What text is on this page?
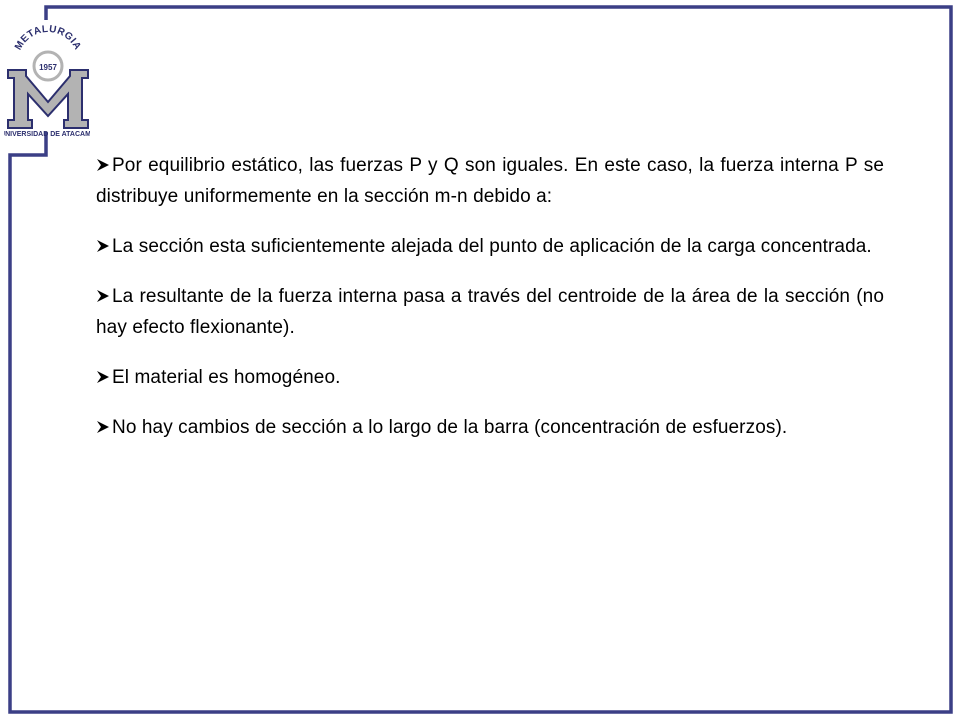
METALURGIA
1957
UNIVERSIDAD DE ATACAM

Por equilibrio estático, las fuerzas P y Q son iguales. En este caso, la fuerza interna P se distribuye uniformemente en la sección m-n debido a:

La sección esta suficientemente alejada del punto de aplicación de la carga concentrada.

La resultante de la fuerza interna pasa a través del centroide de la área de la sección (no hay efecto flexionante).

El material es homogéneo.

No hay cambios de sección a lo largo de la barra (concentración de esfuerzos).
